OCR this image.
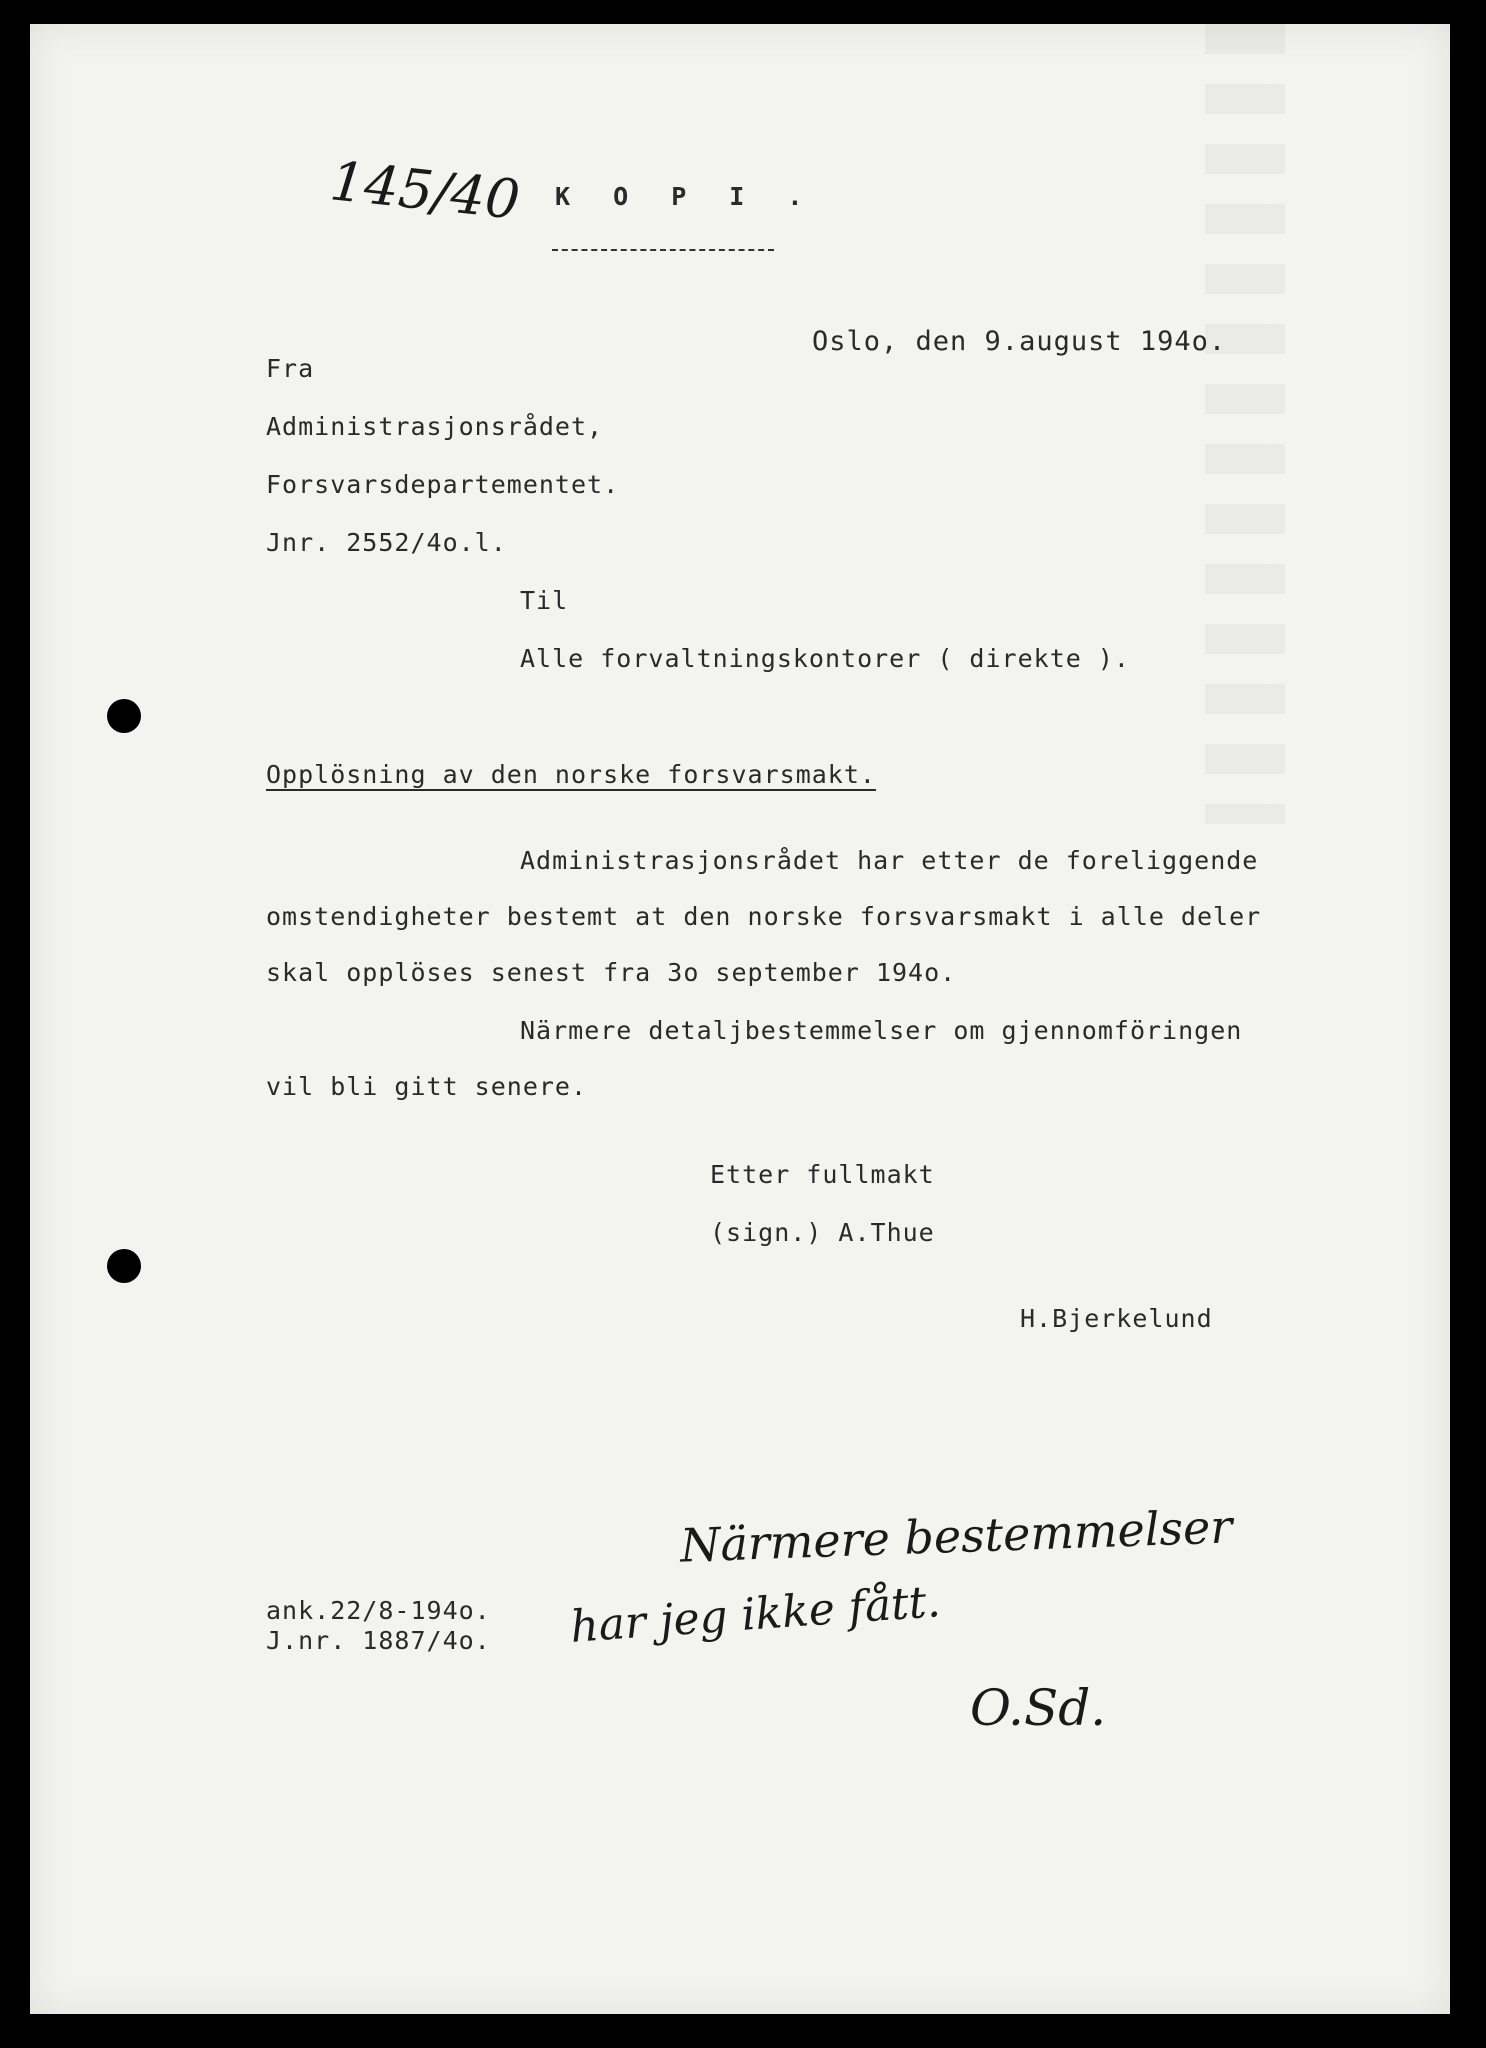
145/40 K O P I .
Oslo, den 9.august 194o.
Fra
Administrasjonsrådet,
Forsvarsdepartementet.
Jnr. 2552/4o.l.
Til
Alle forvaltningskontorer ( direkte ).
Opplösning av den norske forsvarsmakt.
Administrasjonsrådet har etter de foreliggende
omstendigheter bestemt at den norske forsvarsmakt i alle deler
skal opplöses senest fra 3o september 194o.
Närmere detaljbestemmelser om gjennomföringen
vil bli gitt senere.
Etter fullmakt
(sign.) A.Thue
H.Bjerkelund
Närmere bestemmelser
har jeg ikke fått.
O.Sd.
ank.22/8-194o.
J.nr. 1887/4o.
